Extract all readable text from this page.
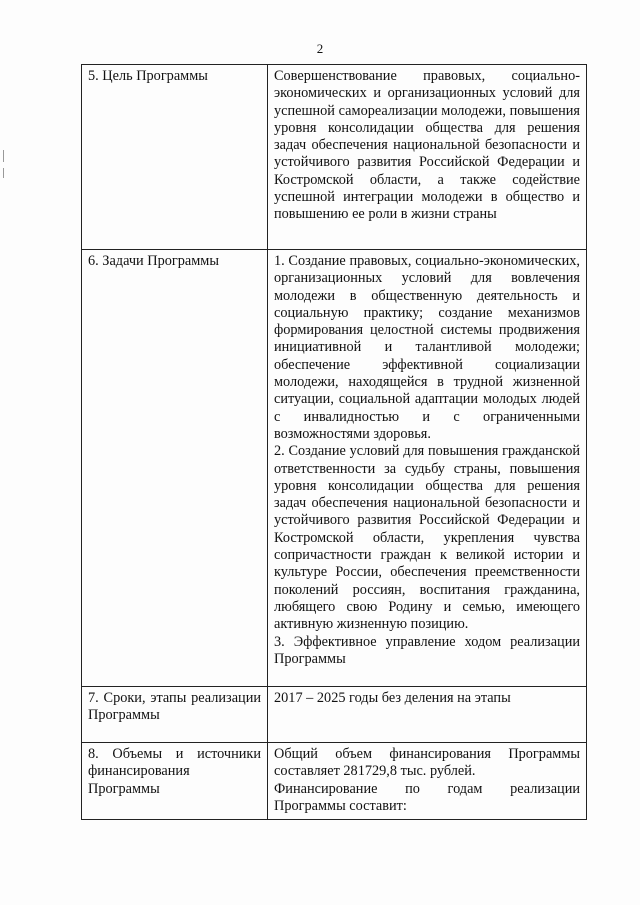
2
5. Цель Программы	Совершенствование правовых, социально-экономических и организационных условий для успешной самореализации молодежи, повышения уровня консолидации общества для решения задач обеспечения национальной безопасности и устойчивого развития Российской Федерации и Костромской области, а также содействие успешной интеграции молодежи в общество и повышению ее роли в жизни страны
6. Задачи Программы	1. Создание правовых, социально-экономических, организационных условий для вовлечения молодежи в общественную деятельность и социальную практику; создание механизмов формирования целостной системы продвижения инициативной и талантливой молодежи; обеспечение эффективной социализации молодежи, находящейся в трудной жизненной ситуации, социальной адаптации молодых людей с инвалидностью и с ограниченными возможностями здоровья.
2. Создание условий для повышения гражданской ответственности за судьбу страны, повышения уровня консолидации общества для решения задач обеспечения национальной безопасности и устойчивого развития Российской Федерации и Костромской области, укрепления чувства сопричастности граждан к великой истории и культуре России, обеспечения преемственности поколений россиян, воспитания гражданина, любящего свою Родину и семью, имеющего активную жизненную позицию.
3. Эффективное управление ходом реализации Программы

7. Сроки, этапы реализации Программы	2017 – 2025 годы без деления на этапы
8. Объемы и источники финансирования Программы	Общий объем финансирования Программы составляет 281729,8 тыс. рублей.
Финансирование по годам реализации Программы составит:
